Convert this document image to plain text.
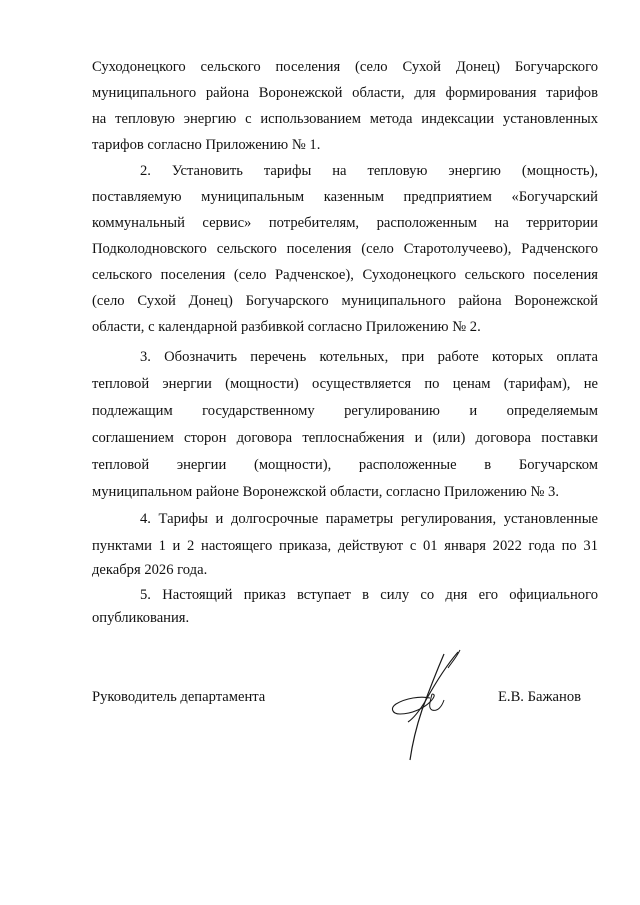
Суходонецкого сельского поселения (село Сухой Донец) Богучарского
муниципального района Воронежской области, для формирования тарифов
на тепловую энергию с использованием метода индексации установленных
тарифов согласно Приложению № 1.
2. Установить тарифы на тепловую энергию (мощность),
поставляемую муниципальным казенным предприятием «Богучарский
коммунальный сервис» потребителям, расположенным на территории
Подколодновского сельского поселения (село Старотолучеево), Радченского
сельского поселения (село Радченское), Суходонецкого сельского поселения
(село Сухой Донец) Богучарского муниципального района Воронежской
области, с календарной разбивкой согласно Приложению № 2.
3. Обозначить перечень котельных, при работе которых оплата
тепловой энергии (мощности) осуществляется по ценам (тарифам), не
подлежащим государственному регулированию и определяемым
соглашением сторон договора теплоснабжения и (или) договора поставки
тепловой энергии (мощности), расположенные в Богучарском
муниципальном районе Воронежской области, согласно Приложению № 3.
4. Тарифы и долгосрочные параметры регулирования, установленные
пунктами 1 и 2 настоящего приказа, действуют с 01 января 2022 года по 31
декабря 2026 года.
5. Настоящий приказ вступает в силу со дня его официального
опубликования.
Руководитель департамента	Е.В. Бажанов
